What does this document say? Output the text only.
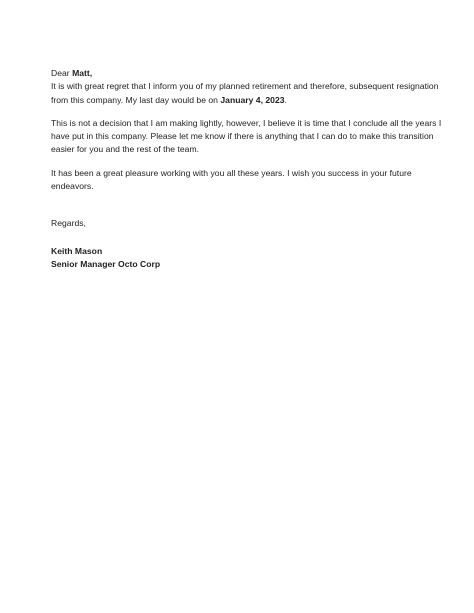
Dear Matt,

It is with great regret that I inform you of my planned retirement and therefore, subsequent resignation from this company. My last day would be on January 4, 2023.

This is not a decision that I am making lightly, however, I believe it is time that I conclude all the years I have put in this company. Please let me know if there is anything that I can do to make this transition easier for you and the rest of the team.

It has been a great pleasure working with you all these years. I wish you success in your future endeavors.

Regards,

Keith Mason
Senior Manager Octo Corp
